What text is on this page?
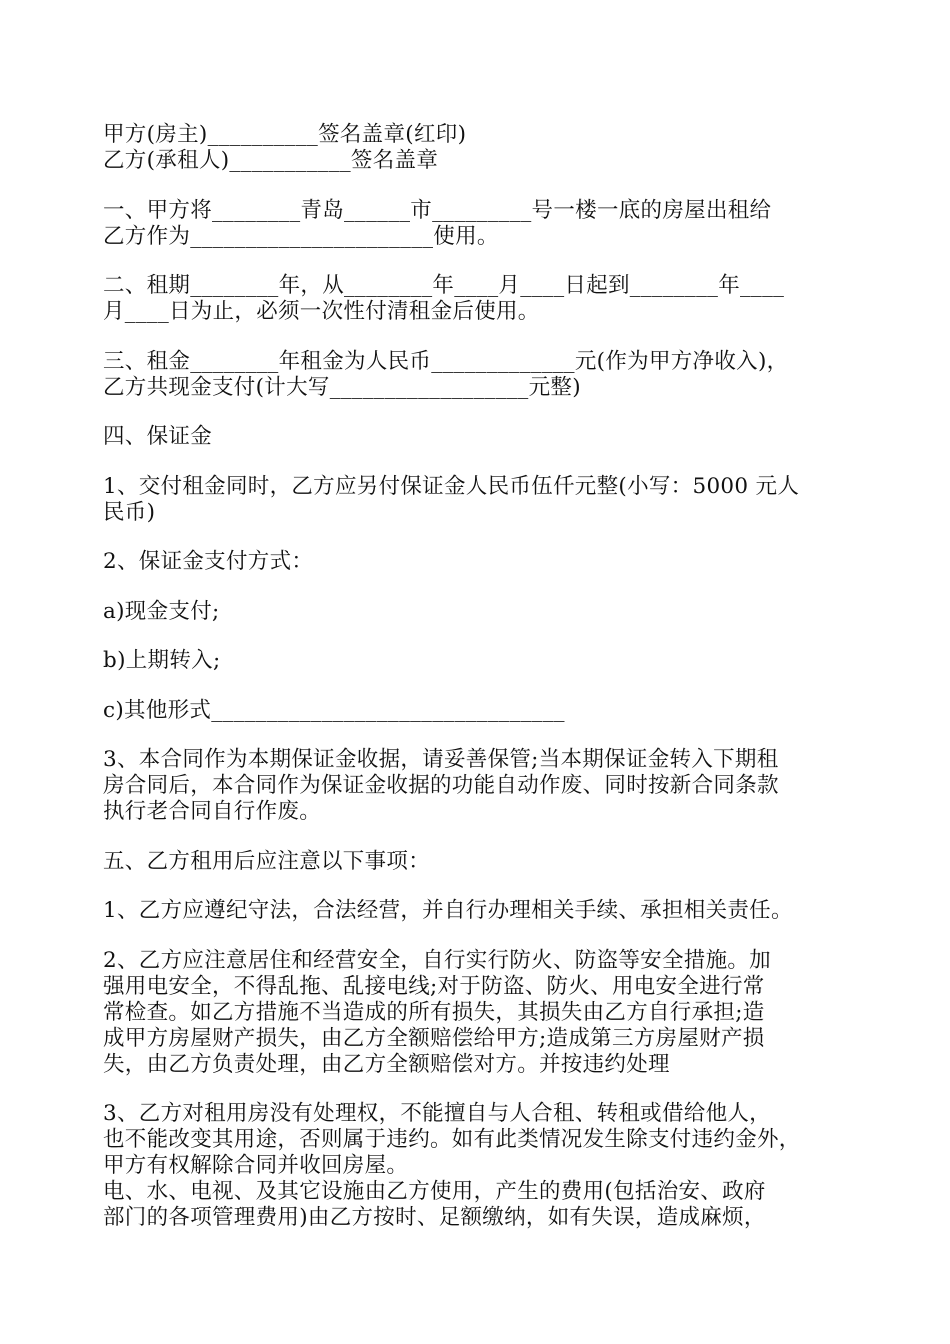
甲方(房主)__________签名盖章(红印)
乙方(承租人)___________签名盖章
一、甲方将________青岛______市_________号一楼一底的房屋出租给
乙方作为______________________使用。
二、租期________年，从________年____月____日起到________年____
月____日为止，必须一次性付清租金后使用。
三、租金________年租金为人民币_____________元(作为甲方净收入)，
乙方共现金支付(计大写__________________元整)
四、保证金
1、交付租金同时，乙方应另付保证金人民币伍仟元整(小写：5000 元人
民币)
2、保证金支付方式：
a)现金支付;
b)上期转入;
c)其他形式________________________________
3、本合同作为本期保证金收据，请妥善保管;当本期保证金转入下期租
房合同后，本合同作为保证金收据的功能自动作废、同时按新合同条款
执行老合同自行作废。
五、乙方租用后应注意以下事项：
1、乙方应遵纪守法，合法经营，并自行办理相关手续、承担相关责任。
2、乙方应注意居住和经营安全，自行实行防火、防盗等安全措施。加
强用电安全，不得乱拖、乱接电线;对于防盗、防火、用电安全进行常
常检查。如乙方措施不当造成的所有损失，其损失由乙方自行承担;造
成甲方房屋财产损失，由乙方全额赔偿给甲方;造成第三方房屋财产损
失，由乙方负责处理，由乙方全额赔偿对方。并按违约处理
3、乙方对租用房没有处理权，不能擅自与人合租、转租或借给他人，
也不能改变其用途，否则属于违约。如有此类情况发生除支付违约金外，
甲方有权解除合同并收回房屋。
电、水、电视、及其它设施由乙方使用，产生的费用(包括治安、政府
部门的各项管理费用)由乙方按时、足额缴纳，如有失误，造成麻烦，
